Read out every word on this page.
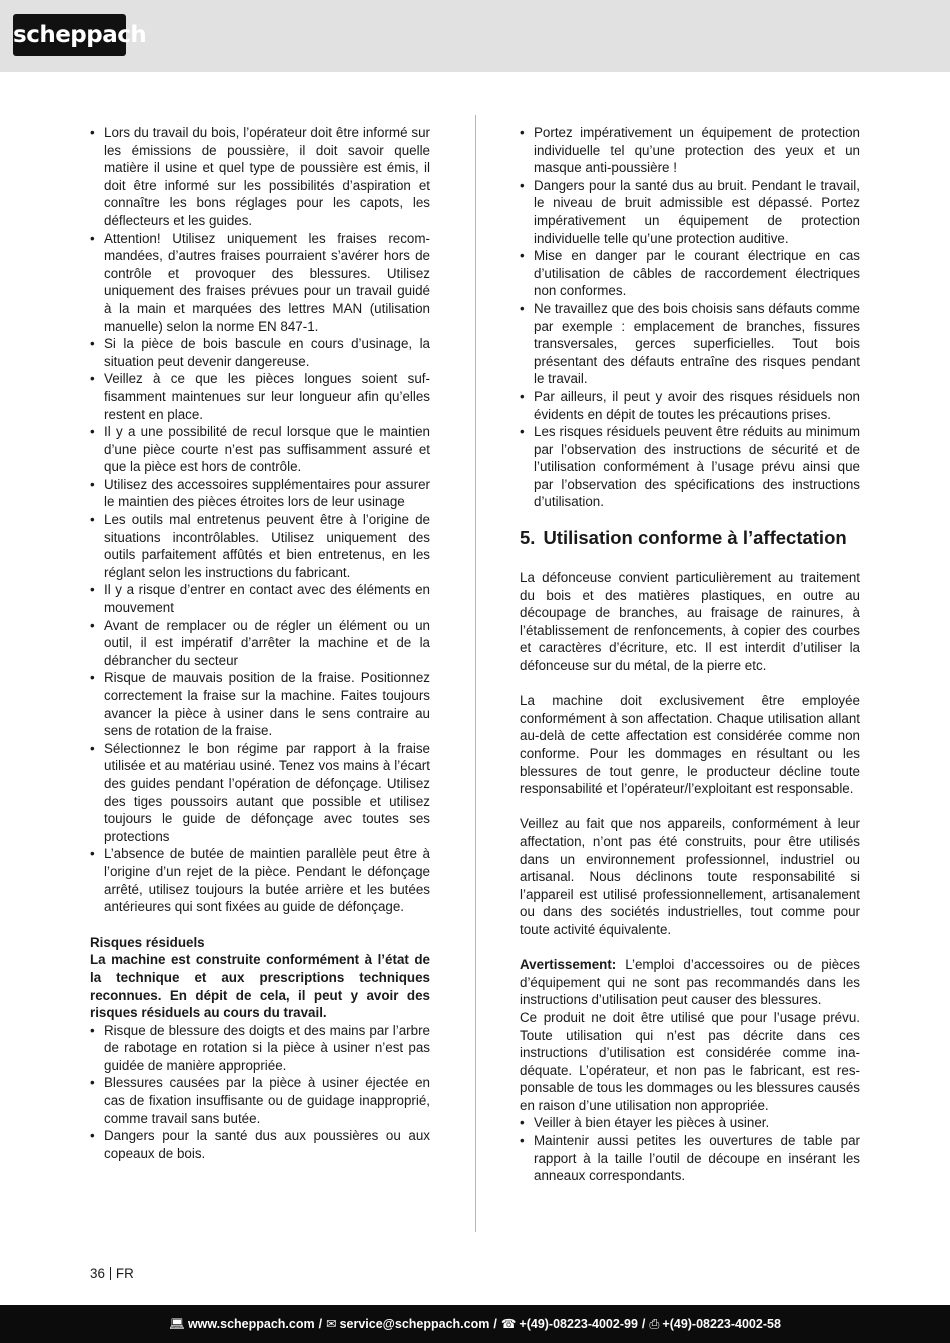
scheppach
• Lors du travail du bois, l’opérateur doit être informé sur les émissions de poussière, il doit savoir quelle matière il usine et quel type de poussière est émis, il doit être informé sur les possibilités d’aspiration et connaître les bons réglages pour les capots, les déflecteurs et les guides.
• Attention! Utilisez uniquement les fraises recommandées, d’autres fraises pourraient s’avérer hors de contrôle et provoquer des blessures. Utilisez uniquement des fraises prévues pour un travail guidé à la main et marquées des lettres MAN (utilisation manuelle) selon la norme EN 847-1.
• Si la pièce de bois bascule en cours d’usinage, la situation peut devenir dangereuse.
• Veillez à ce que les pièces longues soient suffisamment maintenues sur leur longueur afin qu’elles restent en place.
• Il y a une possibilité de recul lorsque que le maintien d’une pièce courte n’est pas suffisamment assuré et que la pièce est hors de contrôle.
• Utilisez des accessoires supplémentaires pour assurer le maintien des pièces étroites lors de leur usinage
• Les outils mal entretenus peuvent être à l’origine de situations incontrôlables. Utilisez uniquement des outils parfaitement affûtés et bien entretenus, en les réglant selon les instructions du fabricant.
• Il y a risque d’entrer en contact avec des éléments en mouvement
• Avant de remplacer ou de régler un élément ou un outil, il est impératif d’arrêter la machine et de la débrancher du secteur
• Risque de mauvais position de la fraise. Positionnez correctement la fraise sur la machine. Faites toujours avancer la pièce à usiner dans le sens contraire au sens de rotation de la fraise.
• Sélectionnez le bon régime par rapport à la fraise utilisée et au matériau usiné. Tenez vos mains à l’écart des guides pendant l’opération de défonçage. Utilisez des tiges poussoirs autant que possible et utilisez toujours le guide de défonçage avec toutes ses protections
• L’absence de butée de maintien parallèle peut être à l’origine d’un rejet de la pièce. Pendant le défonçage arrêté, utilisez toujours la butée arrière et les butées antérieures qui sont fixées au guide de défonçage.
Risques résiduels
La machine est construite conformément à l’état de la technique et aux prescriptions techniques reconnues. En dépit de cela, il peut y avoir des risques résiduels au cours du travail.
• Risque de blessure des doigts et des mains par l’arbre de rabotage en rotation si la pièce à usiner n’est pas guidée de manière appropriée.
• Blessures causées par la pièce à usiner éjectée en cas de fixation insuffisante ou de guidage inapproprié, comme travail sans butée.
• Dangers pour la santé dus aux poussières ou aux copeaux de bois.
• Portez impérativement un équipement de protection individuelle tel qu’une protection des yeux et un masque anti-poussière !
• Dangers pour la santé dus au bruit. Pendant le travail, le niveau de bruit admissible est dépassé. Portez impérativement un équipement de protection individuelle telle qu’une protection auditive.
• Mise en danger par le courant électrique en cas d’utilisation de câbles de raccordement électriques non conformes.
• Ne travaillez que des bois choisis sans défauts comme par exemple : emplacement de branches, fissures transversales, gerces superficielles. Tout bois présentant des défauts entraîne des risques pendant le travail.
• Par ailleurs, il peut y avoir des risques résiduels non évidents en dépit de toutes les précautions prises.
• Les risques résiduels peuvent être réduits au minimum par l’observation des instructions de sécurité et de l’utilisation conformément à l’usage prévu ainsi que par l’observation des spécifications des instructions d’utilisation.
5. Utilisation conforme à l’affectation

La défonceuse convient particulièrement au traitement du bois et des matières plastiques, en outre au découpage de branches, au fraisage de rainures, à l’établissement de renfoncements, à copier des courbes et caractères d’écriture, etc. Il est interdit d’utiliser la défonceuse sur du métal, de la pierre etc.

La machine doit exclusivement être employée conformément à son affectation. Chaque utilisation allant au-delà de cette affectation est considérée comme non conforme. Pour les dommages en résultant ou les blessures de tout genre, le producteur décline toute responsabilité et l’opérateur/l’exploitant est responsable.

Veillez au fait que nos appareils, conformément à leur affectation, n’ont pas été construits, pour être utilisés dans un environnement professionnel, industriel ou artisanal. Nous déclinons toute responsabilité si l’appareil est utilisé professionnellement, artisanalement ou dans des sociétés industrielles, tout comme pour toute activité équivalente.

Avertissement: L’emploi d’accessoires ou de pièces d’équipement qui ne sont pas recommandés dans les instructions d’utilisation peut causer des blessures.

Ce produit ne doit être utilisé que pour l’usage prévu. Toute utilisation qui n’est pas décrite dans ces instructions d’utilisation est considérée comme inadéquate. L’opérateur, et non pas le fabricant, est responsable de tous les dommages ou les blessures causés en raison d’une utilisation non appropriée.

• Veiller à bien étayer les pièces à usiner.
• Maintenir aussi petites les ouvertures de table par rapport à la taille l’outil de découpe en insérant les anneaux correspondants.
36 FR
💻︎ www.scheppach.com / ✉︎ service@scheppach.com / ☎︎ +(49)-08223-4002-99 / ⎙ +(49)-08223-4002-58
